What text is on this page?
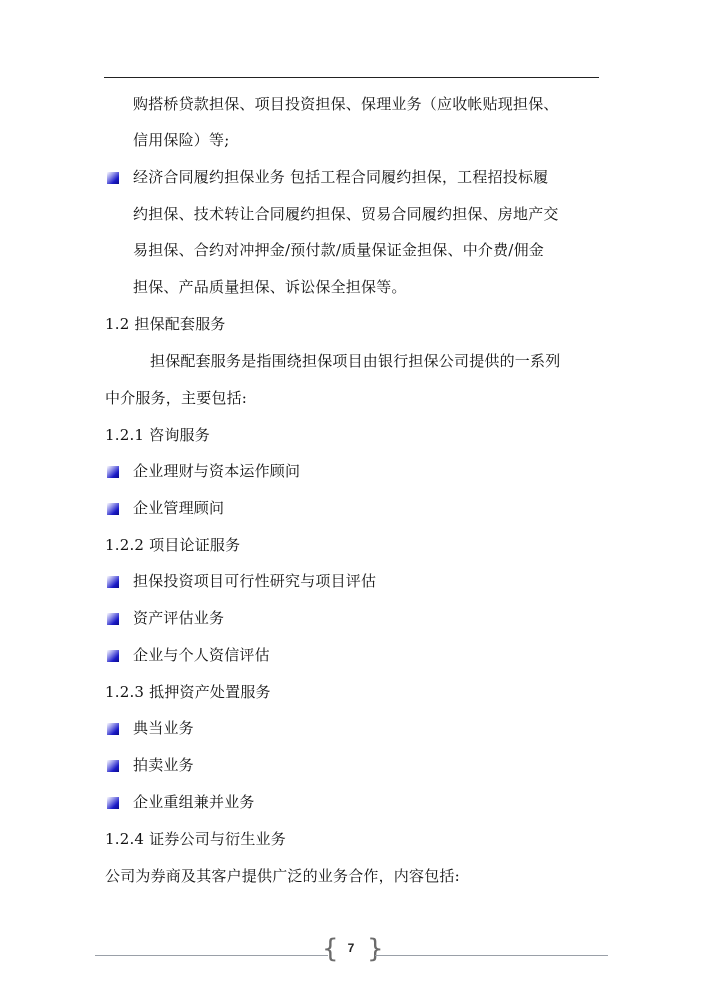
购搭桥贷款担保、项目投资担保、保理业务（应收帐贴现担保、
信用保险）等;
经济合同履约担保业务 包括工程合同履约担保，工程招投标履
约担保、技术转让合同履约担保、贸易合同履约担保、房地产交
易担保、合约对冲押金/预付款/质量保证金担保、中介费/佣金
担保、产品质量担保、诉讼保全担保等。
1.2 担保配套服务
担保配套服务是指围绕担保项目由银行担保公司提供的一系列
中介服务，主要包括:
1.2.1 咨询服务
企业理财与资本运作顾问
企业管理顾问
1.2.2 项目论证服务
担保投资项目可行性研究与项目评估
资产评估业务
企业与个人资信评估
1.2.3 抵押资产处置服务
典当业务
拍卖业务
企业重组兼并业务
1.2.4 证券公司与衍生业务
公司为券商及其客户提供广泛的业务合作，内容包括:
{ 7 }
